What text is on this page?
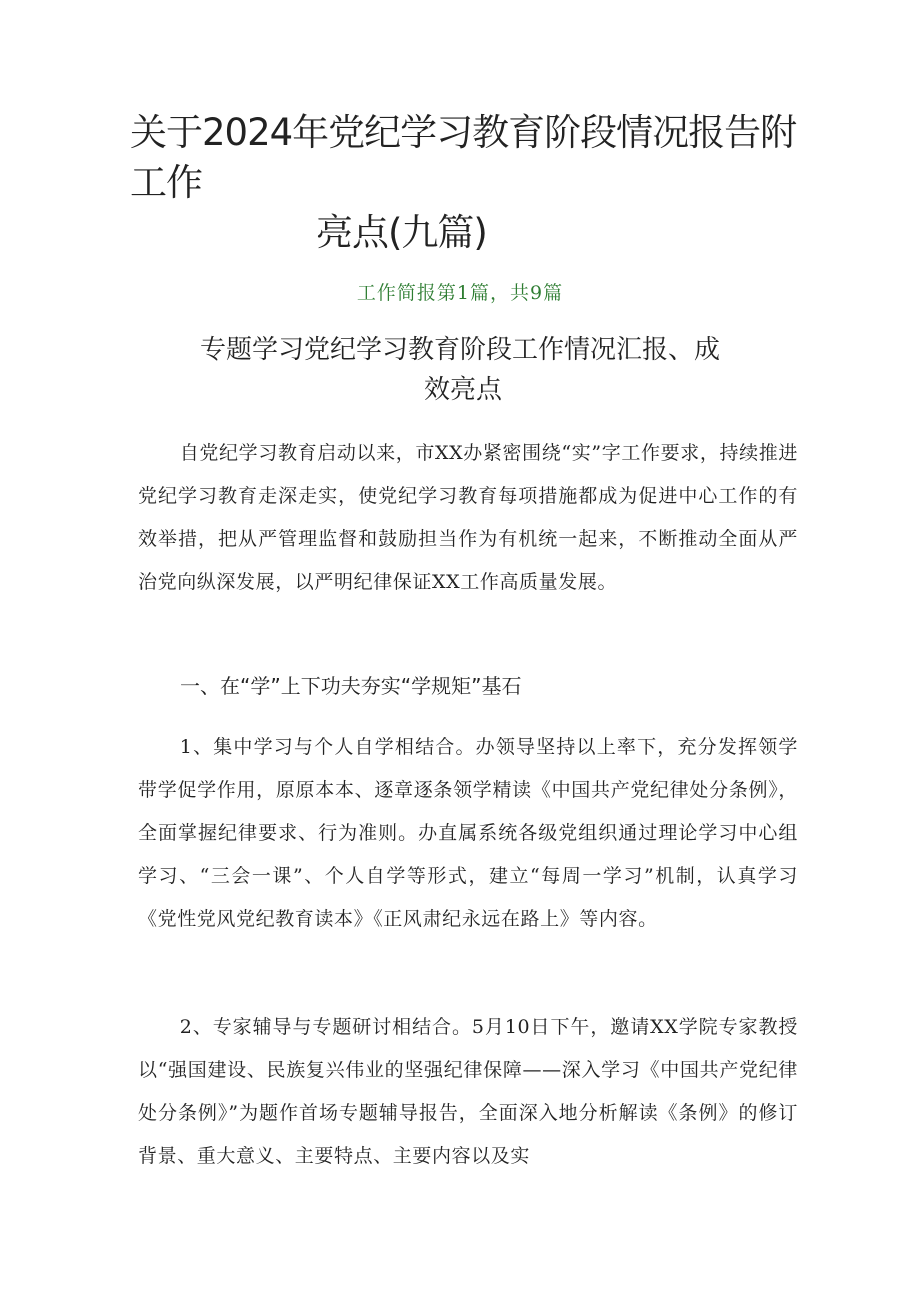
关于2024年党纪学习教育阶段情况报告附工作
亮点(九篇)
工作简报第1篇，共9篇
专题学习党纪学习教育阶段工作情况汇报、成
效亮点

自党纪学习教育启动以来，市XX办紧密围绕“实”字工作要求，持续推进党纪学习教育走深走实，使党纪学习教育每项措施都成为促进中心工作的有效举措，把从严管理监督和鼓励担当作为有机统一起来，不断推动全面从严治党向纵深发展，以严明纪律保证XX工作高质量发展。

一、在“学”上下功夫夯实“学规矩”基石

1、集中学习与个人自学相结合。办领导坚持以上率下，充分发挥领学带学促学作用，原原本本、逐章逐条领学精读《中国共产党纪律处分条例》，全面掌握纪律要求、行为准则。办直属系统各级党组织通过理论学习中心组学习、“三会一课”、个人自学等形式，建立“每周一学习”机制，认真学习《党性党风党纪教育读本》《正风肃纪永远在路上》等内容。

2、专家辅导与专题研讨相结合。5月10日下午，邀请XX学院专家教授以“强国建设、民族复兴伟业的坚强纪律保障——深入学习《中国共产党纪律处分条例》”为题作首场专题辅导报告，全面深入地分析解读《条例》的修订背景、重大意义、主要特点、主要内容以及实
